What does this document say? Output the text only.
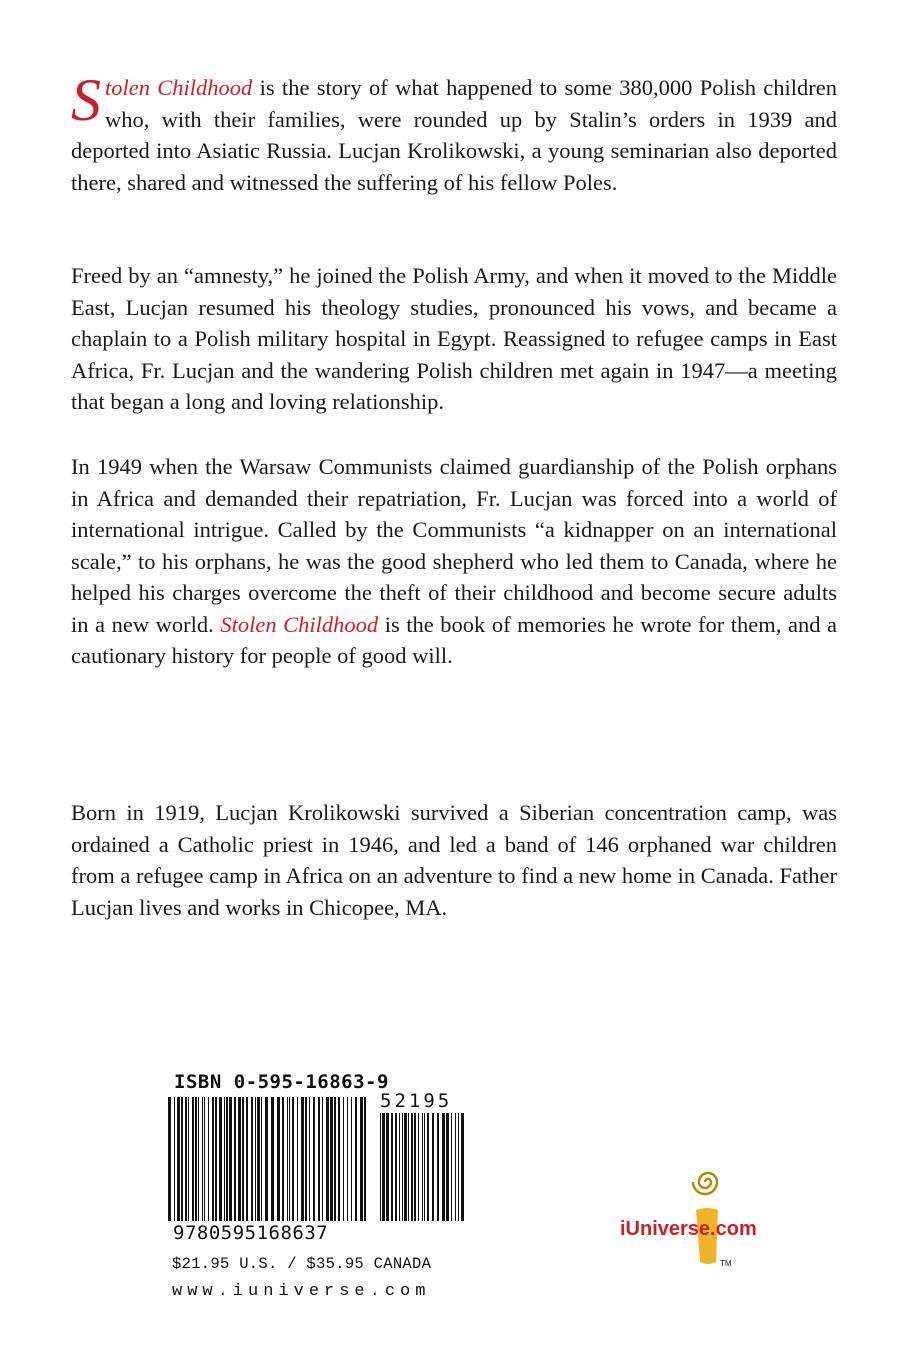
Stolen Childhood is the story of what happened to some 380,000 Polish children who, with their families, were rounded up by Stalin’s orders in 1939 and deported into Asiatic Russia. Lucjan Krolikowski, a young seminarian also deported there, shared and witnessed the suffering of his fellow Poles.

Freed by an “amnesty,” he joined the Polish Army, and when it moved to the Middle East, Lucjan resumed his theology studies, pronounced his vows, and became a chaplain to a Polish military hospital in Egypt. Reassigned to refugee camps in East Africa, Fr. Lucjan and the wandering Polish children met again in 1947—a meeting that began a long and loving relationship.

In 1949 when the Warsaw Communists claimed guardianship of the Polish orphans in Africa and demanded their repatriation, Fr. Lucjan was forced into a world of international intrigue. Called by the Communists “a kidnapper on an international scale,” to his orphans, he was the good shepherd who led them to Canada, where he helped his charges overcome the theft of their childhood and become secure adults in a new world. Stolen Childhood is the book of memories he wrote for them, and a cautionary history for people of good will.

Born in 1919, Lucjan Krolikowski survived a Siberian concentration camp, was ordained a Catholic priest in 1946, and led a band of 146 orphaned war children from a refugee camp in Africa on an adventure to find a new home in Canada. Father Lucjan lives and works in Chicopee, MA.

ISBN 0-595-16863-9
52195
9780595168637
$21.95 U.S. / $35.95 CANADA
www.iuniverse.com
TM
iUniverse.com
